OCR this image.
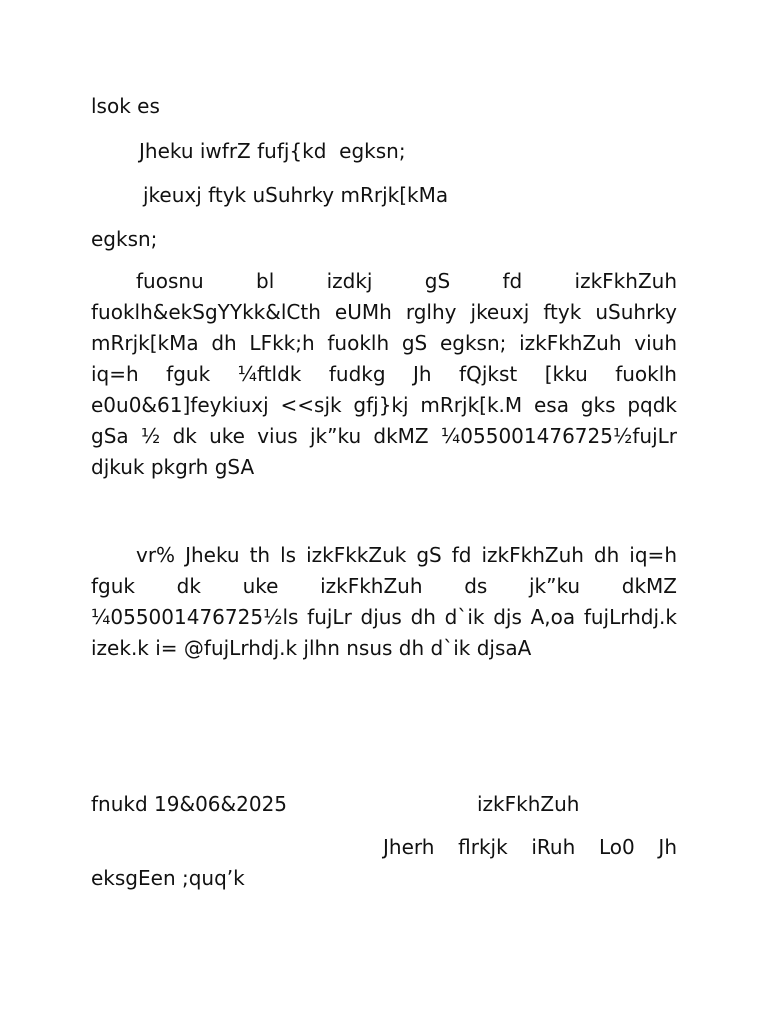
lsok es
Jheku iwfrZ fufj{kd  egksn;
jkeuxj ftyk uSuhrky mRrjk[kMa
egksn;

fuosnu bl izdkj gS fd izkFkhZuh fuoklh&ekSgYYkk&lCth eUMh rglhy jkeuxj ftyk uSuhrky mRrjk[kMa dh LFkk;h fuoklh gS egksn; izkFkhZuh viuh iq=h fguk ¼ftldk fudkg Jh fQjkst [kku fuoklh e0u0&61]feykiuxj <<sjk gfj}kj mRrjk[k.M esa gks pqdk gSa ½ dk uke vius jk”ku dkMZ ¼055001476725½fujLr djkuk pkgrh gSA

vr% Jheku th ls izkFkkZuk gS fd izkFkhZuh dh iq=h fguk dk uke izkFkhZuh ds jk”ku dkMZ ¼055001476725½ls fujLr djus dh d`ik djs A,oa fujLrhdj.k izek.k i= @fujLrhdj.k jlhn nsus dh d`ik djsaA

fnukd 19&06&2025	izkFkhZuh

Jherh flrkjk iRuh Lo0 Jh eksgEen ;quq’k
